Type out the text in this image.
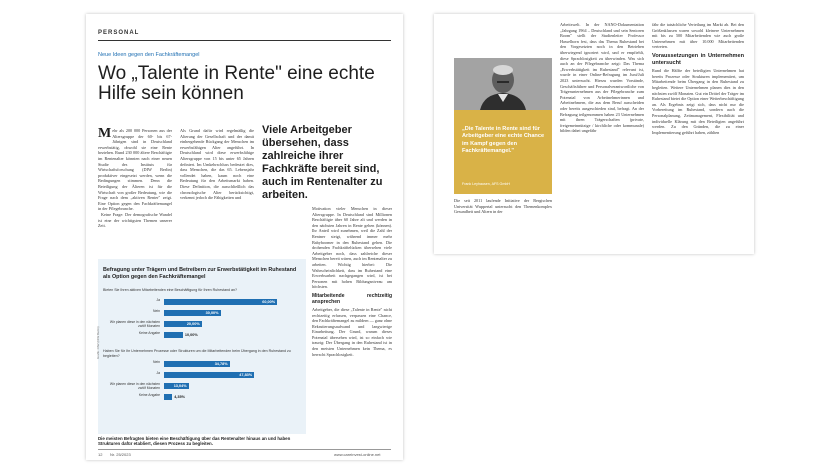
PERSONAL
Neue Ideen gegen den Fachkräftemangel
Wo „Talente in Rente" eine echte Hilfe sein können
Mehr als 200 000 Personen aus der Altersgruppe der 60- bis 67-Jährigen sind in Deutschland erwerbstätig, obwohl sie eine Rente beziehen. Rund 230 000 ältere Beschäftigte im Rentenalter könnten nach einer neuen Studie des Instituts für Wirtschaftsforschung (DIW Berlin) produktiver eingesetzt werden, wenn die Bedingungen stimmen. Denn die Beteiligung der Älteren ist für die Wirtschaft von großer Bedeutung, wie die Frage nach dem „aktiven Renter" zeigt. Eine Option gegen den Fachkräftemangel in der Pflegebranche.
Keine Frage: Der demografische Wandel ist eine der wichtigsten Themen unserer Zeit.
Als Grund dafür wird regelmäßig die Alterung der Gesellschaft und der damit einhergehende Rückgang der Menschen im erwerbsfähigen Alter angeführt. In Deutschland wird diese erwerbsfähige Altersgruppe von 15 bis unter 65 Jahren definiert. Im Umkehrschluss bedeutet dies, dass Menschen, die das 65. Lebensjahr vollendet haben, kaum noch eine Bedeutung für den Arbeitsmarkt haben. Diese Definition, die ausschließlich das chronologische Alter berücksichtigt, verkennt jedoch die Fähigkeiten und
Viele Arbeitgeber übersehen, dass zahlreiche ihrer Fachkräfte bereit sind, auch im Rentenalter zu arbeiten.
Motivation vieler Menschen in dieser Altersgruppe. In Deutschland sind Millionen Beschäftigte über 60 Jahre alt und werden in den nächsten Jahren in Rente gehen (können). Ihr Anteil wird zunehmen, weil die Zahl der Rentner steigt, während immer mehr Babyboomer in den Ruhestand gehen. Die drohenden Fachkräftelücken übersehen viele Arbeitgeber noch, dass zahlreiche dieser Menschen bereit wären, auch im Rentenalter zu arbeiten. Wichtig hierbei: Die Wahrscheinlichkeit, dass im Ruhestand eine Erwerbsarbeit nachgegangen wird, ist bei Personen mit hohen Bildungsniveau am höchsten.
Mitarbeitende rechtzeitig ansprechen
Arbeitgeber, die diese „Talente in Rente" nicht rechtzeitig erfassen, verpassen eine Chance, den Fachkräftemangel zu mildern — ganz ohne Rekrutierungsaufwand und langwierige Einarbeitung. Der Grund, warum dieses Potenzial übersehen wird, ist so einfach wie traurig: Der Übergang in den Ruhestand ist in den meisten Unternehmen kein Thema, es herrscht Sprachlosigkeit.
Befragung unter Trägern und Betreibern zur Erwerbstätigkeit im Ruhestand als Option gegen den Fachkräftemangel
Grafik: DIW (DIW Berlin)
Bieten Sie Ihren aktiven Mitarbeitenden eine Beschäftigung für Ihren Ruhestand an?
Haben Sie für Ihr Unternehmen Prozesse oder Strukturen um die Mitarbeitenden beim Übergang in den Ruhestand zu begleiten?
Ja	60,00%
Nein	30,00%
Wir planen diese in den nächsten zwölf Monaten	20,00%
Keine Angabe	10,00%
Nein	34,78%
Ja	47,83%
Wir planen diese in den nächsten zwölf Monaten	13,04%
Keine Angabe	4,35%
Die meisten Befragten bieten eine Beschäftigung über das Rentenalter hinaus an und haben Strukturen dafür etabliert, diesen Prozess zu begleiten.
12 Nr. 25/2023	www.careinvest-online.net
„Die Talente in Rente sind für Arbeitgeber eine echte Chance im Kampf gegen den Fachkräftemangel."
Frank Leyhausen, AFS GmbH
Die seit 2011 laufende Initiative der Bergischen Universität Wuppertal untersucht den Themenkomplex Gesundheit und Altern in der
Arbeitswelt. In der NANO-Dokumentation „Jahrgang 1964 – Deutschland und sein Senioren Boom" stellt der Studienleiter Professor Hasselhorn fest, dass das Thema Ruhestand bei den Vorgesetzten noch in den Betrieben überwiegend ignoriert wird, und er empfiehlt, diese Sprachlosigkeit zu überwinden. Was sich auch an der Pflegebranche zeigt: Das Thema „Erwerbstätigkeit im Ruhestand" relevant ist, wurde in einer Online-Befragung im Juni/Juli 2023 untersucht. Hierzu wurden Vorstände, Geschäftsführer und Personalverantwortliche von Trägerunternehmen aus der Pflegebranche zum Potenzial von Arbeitnehmerinnen und Arbeitnehmern, die aus dem Beruf ausscheiden oder bereits ausgeschieden sind, befragt. An der Befragung teilgenommen haben 23 Unternehmen mit ihren Trägerschaften (private, freigemeinnützige / kirchliche oder kommunale) bilden dabei ungefähr
fähr die tatsächliche Verteilung im Markt ab. Bei den Größenklassen waren sowohl kleinere Unternehmen mit bis zu 500 Mitarbeitenden wie auch große Unternehmen mit über 10.000 Mitarbeitenden vertreten.
Voraussetzungen in Unternehmen untersucht
Rund die Hälfte der beteiligten Unternehmen hat bereits Prozesse oder Strukturen implementiert, um Mitarbeitende beim Übergang in den Ruhestand zu begleiten. Weitere Unternehmen planen dies in den nächsten zwölf Monaten. Gut ein Drittel der Träger im Ruhestand bietet die Option einer Weiterbeschäftigung an. Als Ergebnis zeigt sich, dass nicht nur die Vorbereitung im Ruhestand, sondern auch die Personalplanung, Zeitmanagement, Flexibilität und individuelle Klärung mit den Beteiligten angeführt werden. Zu den Gründen, die zu einer Implementierung geführt haben, zählten
